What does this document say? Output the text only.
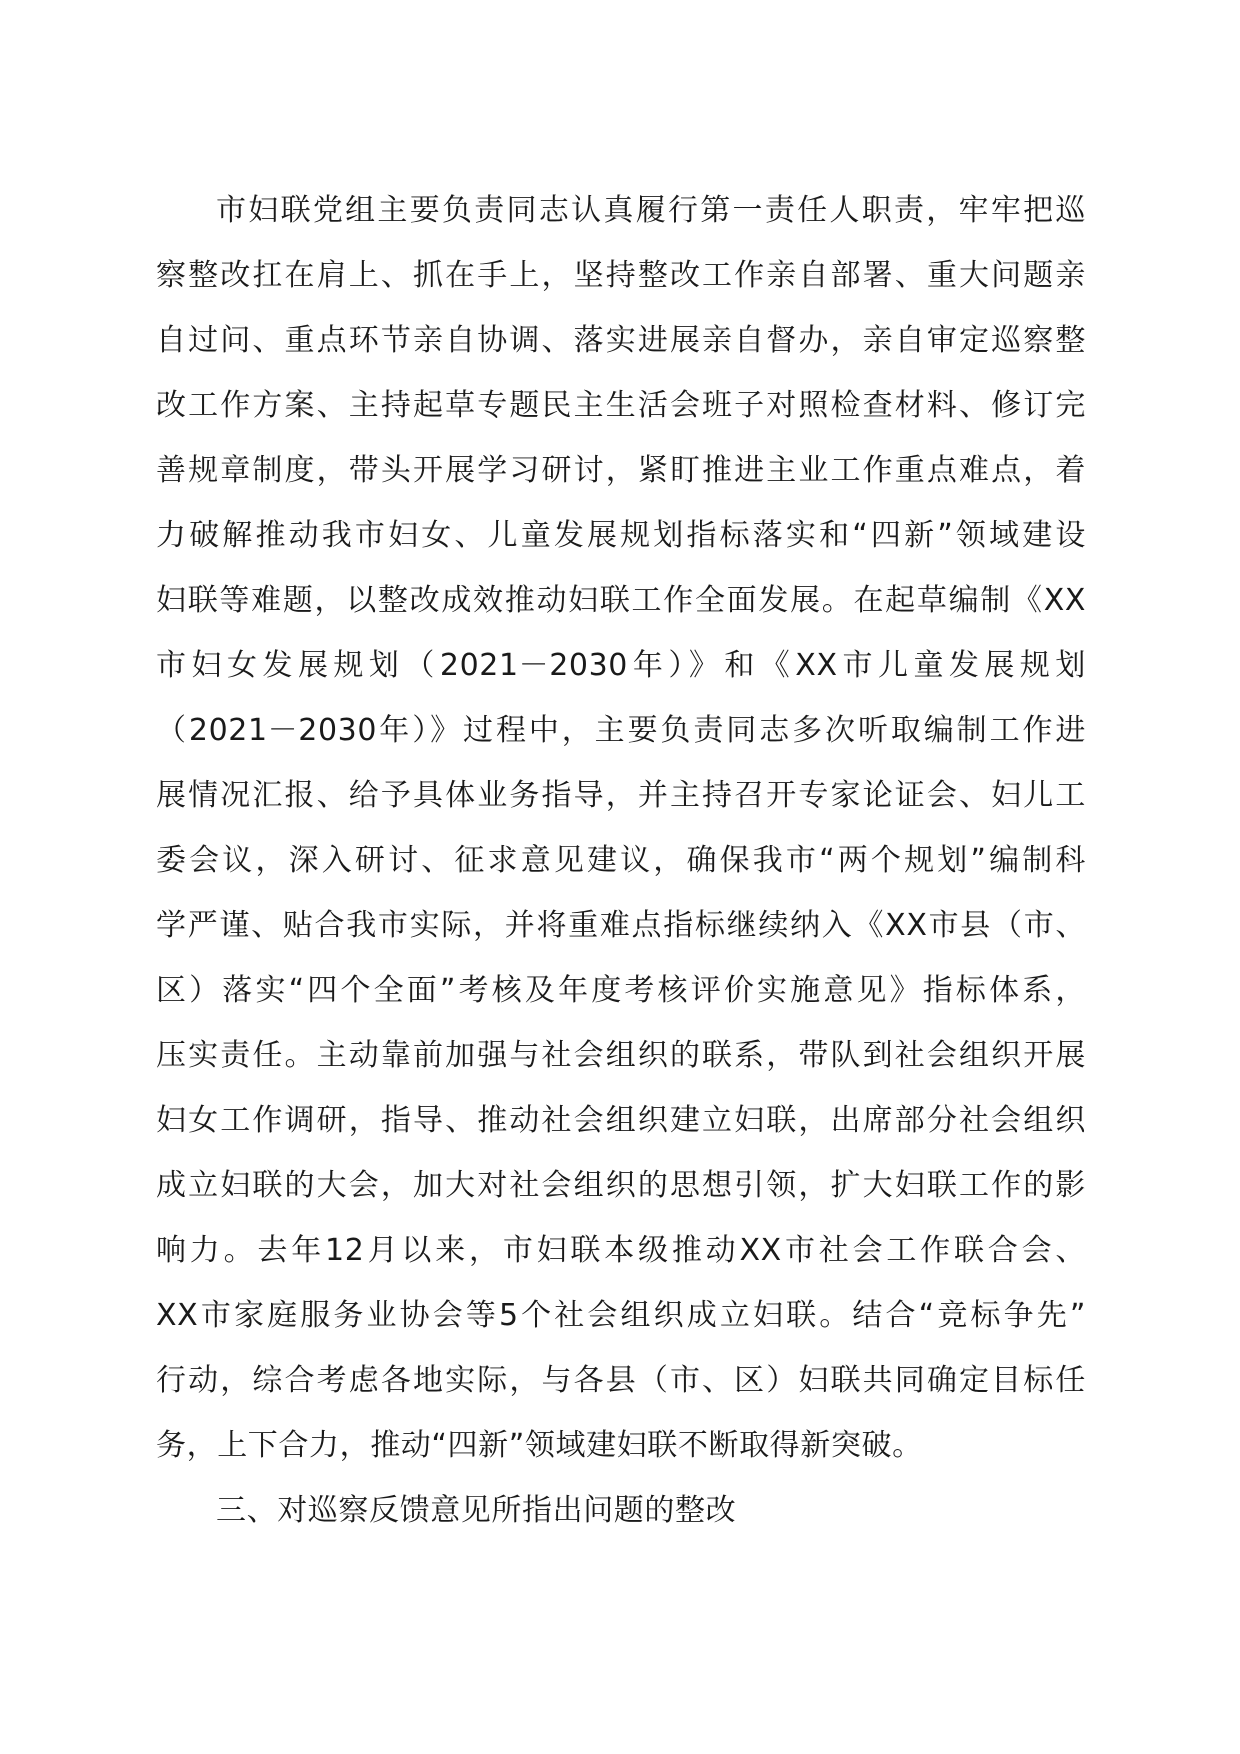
市妇联党组主要负责同志认真履行第一责任人职责，牢牢把巡
察整改扛在肩上、抓在手上，坚持整改工作亲自部署、重大问题亲
自过问、重点环节亲自协调、落实进展亲自督办，亲自审定巡察整
改工作方案、主持起草专题民主生活会班子对照检查材料、修订完
善规章制度，带头开展学习研讨，紧盯推进主业工作重点难点，着
力破解推动我市妇女、儿童发展规划指标落实和“四新”领域建设
妇联等难题，以整改成效推动妇联工作全面发展。在起草编制《XX
市妇女发展规划（2021－2030年）》和《XX市儿童发展规划
（2021－2030年）》过程中，主要负责同志多次听取编制工作进
展情况汇报、给予具体业务指导，并主持召开专家论证会、妇儿工
委会议，深入研讨、征求意见建议，确保我市“两个规划”编制科
学严谨、贴合我市实际，并将重难点指标继续纳入《XX市县（市、
区）落实“四个全面”考核及年度考核评价实施意见》指标体系，
压实责任。主动靠前加强与社会组织的联系，带队到社会组织开展
妇女工作调研，指导、推动社会组织建立妇联，出席部分社会组织
成立妇联的大会，加大对社会组织的思想引领，扩大妇联工作的影
响力。去年12月以来，市妇联本级推动XX市社会工作联合会、
XX市家庭服务业协会等5个社会组织成立妇联。结合“竞标争先”
行动，综合考虑各地实际，与各县（市、区）妇联共同确定目标任
务，上下合力，推动“四新”领域建妇联不断取得新突破。
三、对巡察反馈意见所指出问题的整改
